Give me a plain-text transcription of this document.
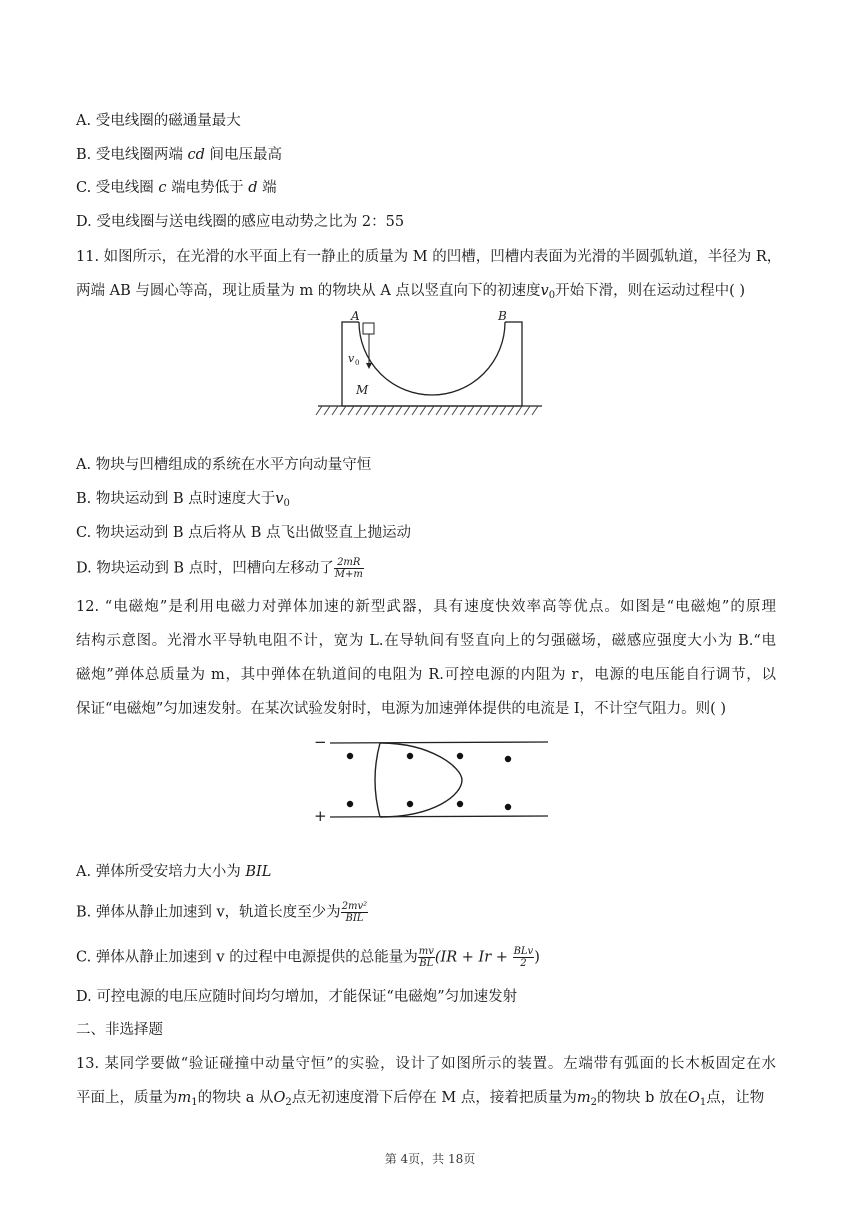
A. 受电线圈的磁通量最大
B. 受电线圈两端 cd 间电压最高
C. 受电线圈 c 端电势低于 d 端
D. 受电线圈与送电线圈的感应电动势之比为 2：55
11. 如图所示，在光滑的水平面上有一静止的质量为 M 的凹槽，凹槽内表面为光滑的半圆弧轨道，半径为 R，
两端 AB 与圆心等高，现让质量为 m 的物块从 A 点以竖直向下的初速度$v_0$开始下滑，则在运动过程中( )
A	B
v 0
M
A. 物块与凹槽组成的系统在水平方向动量守恒
B. 物块运动到 B 点时速度大于$v_0$
C. 物块运动到 B 点后将从 B 点飞出做竖直上抛运动
D. 物块运动到 B 点时，凹槽向左移动了 $\frac{2mR}{M+m}$
12. “电磁炮”是利用电磁力对弹体加速的新型武器，具有速度快效率高等优点。如图是“电磁炮”的原理
结构示意图。光滑水平导轨电阻不计，宽为 L.在导轨间有竖直向上的匀强磁场，磁感应强度大小为 B.“电
磁炮”弹体总质量为 m，其中弹体在轨道间的电阻为 R.可控电源的内阻为 r，电源的电压能自行调节，以
保证“电磁炮”匀加速发射。在某次试验发射时，电源为加速弹体提供的电流是 I，不计空气阻力。则( )
−
+
A. 弹体所受安培力大小为 BIL
B. 弹体从静止加速到 v，轨道长度至少为 $\frac{\text{2mv²}}{\text{BIL}}$
C. 弹体从静止加速到 v 的过程中电源提供的总能量为 $\frac{mv}{BL} (IR + Ir + \frac{\text{BLv}}{2}$ )
D. 可控电源的电压应随时间均匀增加，才能保证“电磁炮”匀加速发射
二、非选择题
13. 某同学要做“验证碰撞中动量守恒”的实验，设计了如图所示的装置。左端带有弧面的长木板固定在水
平面上，质量为$m_1$的物块 a 从$O_2$点无初速度滑下后停在 M 点，接着把质量为$m_2$的物块 b 放在$O_1$点，让物
第 4页，共 18页
